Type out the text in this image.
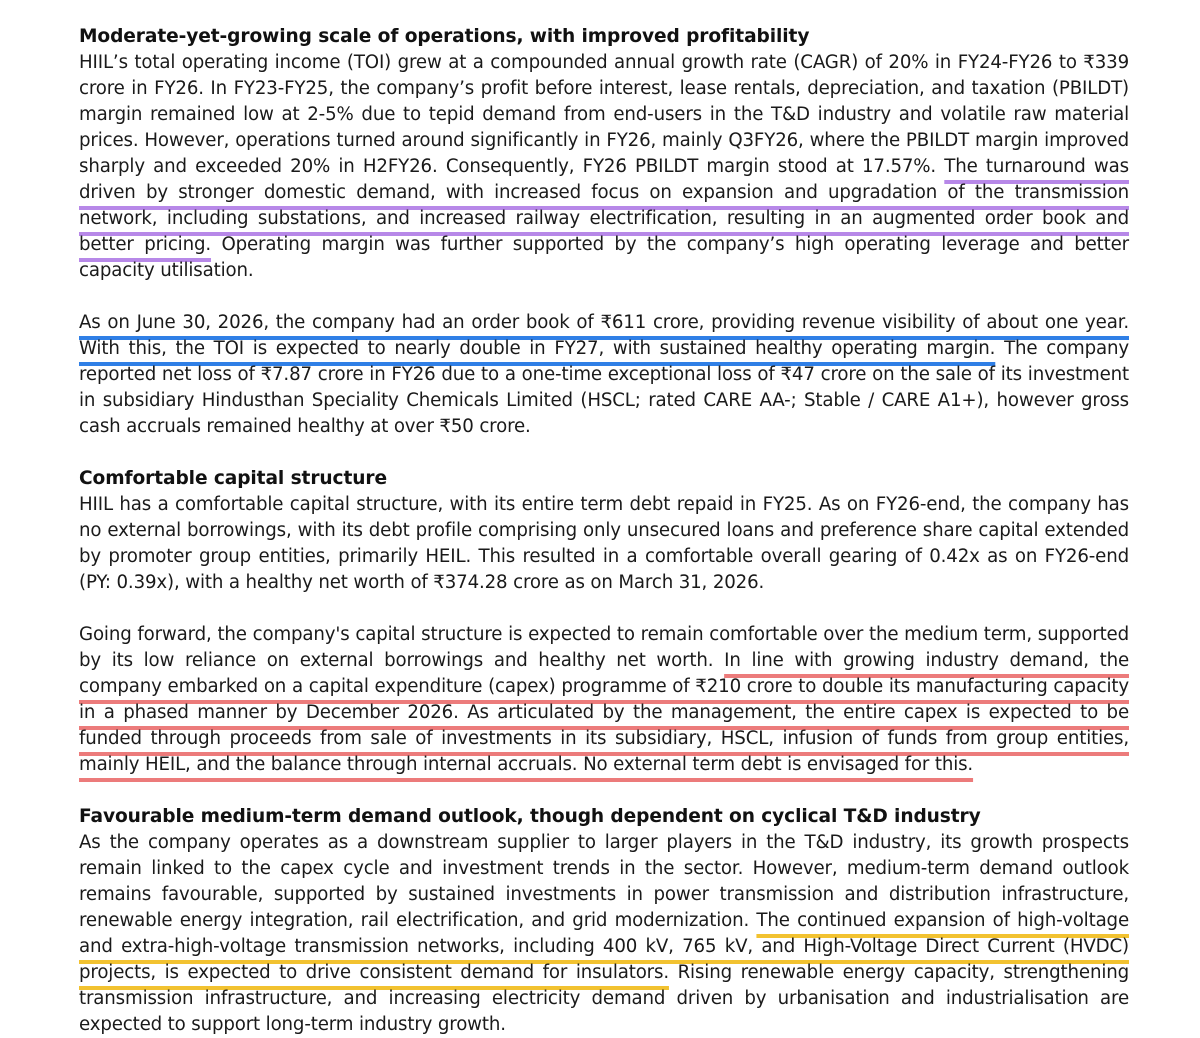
Moderate-yet-growing scale of operations, with improved profitability

HIIL’s total operating income (TOI) grew at a compounded annual growth rate (CAGR) of 20% in FY24-FY26 to ₹339 crore in FY26. In FY23-FY25, the company’s profit before interest, lease rentals, depreciation, and taxation (PBILDT) margin remained low at 2-5% due to tepid demand from end-users in the T&D industry and volatile raw material prices. However, operations turned around significantly in FY26, mainly Q3FY26, where the PBILDT margin improved sharply and exceeded 20% in H2FY26. Consequently, FY26 PBILDT margin stood at 17.57%. The turnaround was driven by stronger domestic demand, with increased focus on expansion and upgradation of the transmission network, including substations, and increased railway electrification, resulting in an augmented order book and better pricing. Operating margin was further supported by the company’s high operating leverage and better capacity utilisation.

As on June 30, 2026, the company had an order book of ₹611 crore, providing revenue visibility of about one year. With this, the TOI is expected to nearly double in FY27, with sustained healthy operating margin. The company reported net loss of ₹7.87 crore in FY26 due to a one-time exceptional loss of ₹47 crore on the sale of its investment in subsidiary Hindusthan Speciality Chemicals Limited (HSCL; rated CARE AA-; Stable / CARE A1+), however gross cash accruals remained healthy at over ₹50 crore.

Comfortable capital structure

HIIL has a comfortable capital structure, with its entire term debt repaid in FY25. As on FY26-end, the company has no external borrowings, with its debt profile comprising only unsecured loans and preference share capital extended by promoter group entities, primarily HEIL. This resulted in a comfortable overall gearing of 0.42x as on FY26-end (PY: 0.39x), with a healthy net worth of ₹374.28 crore as on March 31, 2026.

Going forward, the company's capital structure is expected to remain comfortable over the medium term, supported by its low reliance on external borrowings and healthy net worth. In line with growing industry demand, the company embarked on a capital expenditure (capex) programme of ₹210 crore to double its manufacturing capacity in a phased manner by December 2026. As articulated by the management, the entire capex is expected to be funded through proceeds from sale of investments in its subsidiary, HSCL, infusion of funds from group entities, mainly HEIL, and the balance through internal accruals. No external term debt is envisaged for this.

Favourable medium-term demand outlook, though dependent on cyclical T&D industry

As the company operates as a downstream supplier to larger players in the T&D industry, its growth prospects remain linked to the capex cycle and investment trends in the sector. However, medium-term demand outlook remains favourable, supported by sustained investments in power transmission and distribution infrastructure, renewable energy integration, rail electrification, and grid modernization. The continued expansion of high-voltage and extra-high-voltage transmission networks, including 400 kV, 765 kV, and High-Voltage Direct Current (HVDC) projects, is expected to drive consistent demand for insulators. Rising renewable energy capacity, strengthening transmission infrastructure, and increasing electricity demand driven by urbanisation and industrialisation are expected to support long-term industry growth.
